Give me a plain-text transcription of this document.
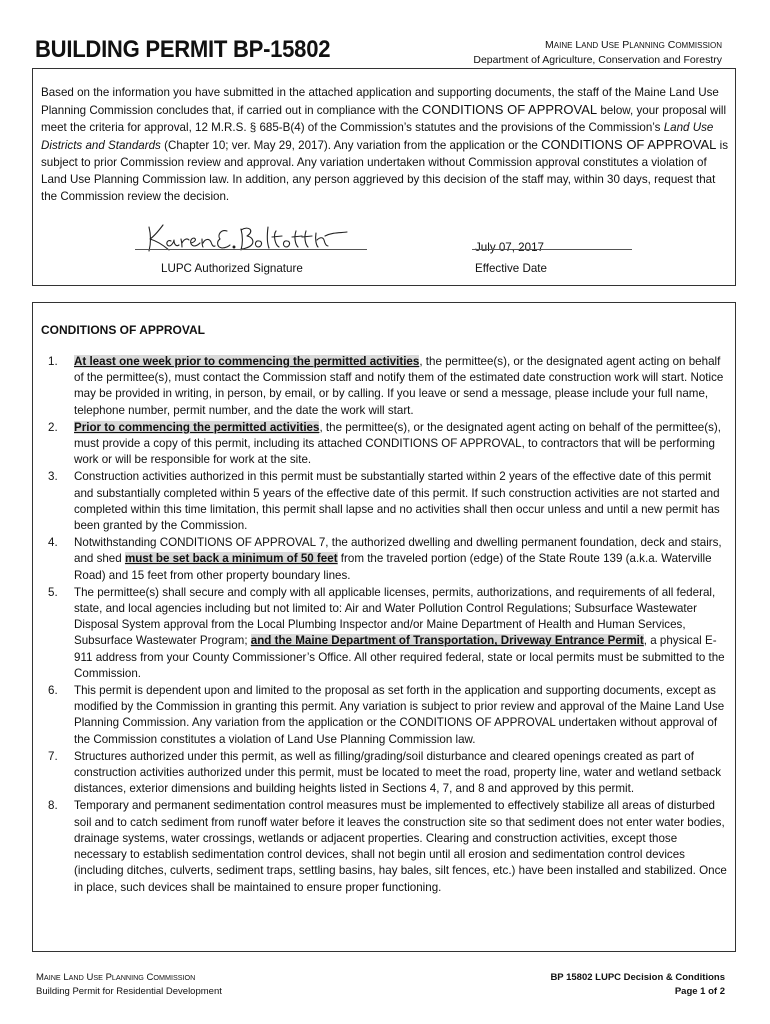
BUILDING PERMIT BP-15802	MAINE LAND USE PLANNING COMMISSION
Department of Agriculture, Conservation and Forestry

Based on the information you have submitted in the attached application and supporting documents, the staff of the Maine Land Use Planning Commission concludes that, if carried out in compliance with the CONDITIONS OF APPROVAL below, your proposal will meet the criteria for approval, 12 M.R.S. § 685-B(4) of the Commission’s statutes and the provisions of the Commission’s Land Use Districts and Standards (Chapter 10; ver. May 29, 2017). Any variation from the application or the CONDITIONS OF APPROVAL is subject to prior Commission review and approval. Any variation undertaken without Commission approval constitutes a violation of Land Use Planning Commission law. In addition, any person aggrieved by this decision of the staff may, within 30 days, request that the Commission review the decision.

LUPC Authorized Signature
July 07, 2017
Effective Date
CONDITIONS OF APPROVAL
1. At least one week prior to commencing the permitted activities, the permittee(s), or the designated agent acting on behalf of the permittee(s), must contact the Commission staff and notify them of the estimated date construction work will start. Notice may be provided in writing, in person, by email, or by calling. If you leave or send a message, please include your full name, telephone number, permit number, and the date the work will start.
2. Prior to commencing the permitted activities, the permittee(s), or the designated agent acting on behalf of the permittee(s), must provide a copy of this permit, including its attached CONDITIONS OF APPROVAL, to contractors that will be performing work or will be responsible for work at the site.
3. Construction activities authorized in this permit must be substantially started within 2 years of the effective date of this permit and substantially completed within 5 years of the effective date of this permit. If such construction activities are not started and completed within this time limitation, this permit shall lapse and no activities shall then occur unless and until a new permit has been granted by the Commission.
4. Notwithstanding CONDITIONS OF APPROVAL 7, the authorized dwelling and dwelling permanent foundation, deck and stairs, and shed must be set back a minimum of 50 feet from the traveled portion (edge) of the State Route 139 (a.k.a. Waterville Road) and 15 feet from other property boundary lines.
5. The permittee(s) shall secure and comply with all applicable licenses, permits, authorizations, and requirements of all federal, state, and local agencies including but not limited to: Air and Water Pollution Control Regulations; Subsurface Wastewater Disposal System approval from the Local Plumbing Inspector and/or Maine Department of Health and Human Services, Subsurface Wastewater Program; and the Maine Department of Transportation, Driveway Entrance Permit, a physical E-911 address from your County Commissioner’s Office. All other required federal, state or local permits must be submitted to the Commission.
6. This permit is dependent upon and limited to the proposal as set forth in the application and supporting documents, except as modified by the Commission in granting this permit. Any variation is subject to prior review and approval of the Maine Land Use Planning Commission. Any variation from the application or the CONDITIONS OF APPROVAL undertaken without approval of the Commission constitutes a violation of Land Use Planning Commission law.
7. Structures authorized under this permit, as well as filling/grading/soil disturbance and cleared openings created as part of construction activities authorized under this permit, must be located to meet the road, property line, water and wetland setback distances, exterior dimensions and building heights listed in Sections 4, 7, and 8 and approved by this permit.
8. Temporary and permanent sedimentation control measures must be implemented to effectively stabilize all areas of disturbed soil and to catch sediment from runoff water before it leaves the construction site so that sediment does not enter water bodies, drainage systems, water crossings, wetlands or adjacent properties. Clearing and construction activities, except those necessary to establish sedimentation control devices, shall not begin until all erosion and sedimentation control devices (including ditches, culverts, sediment traps, settling basins, hay bales, silt fences, etc.) have been installed and stabilized. Once in place, such devices shall be maintained to ensure proper functioning.
MAINE LAND USE PLANNING COMMISSION
Building Permit for Residential Development
BP 15802 LUPC Decision & Conditions
Page 1 of 2
